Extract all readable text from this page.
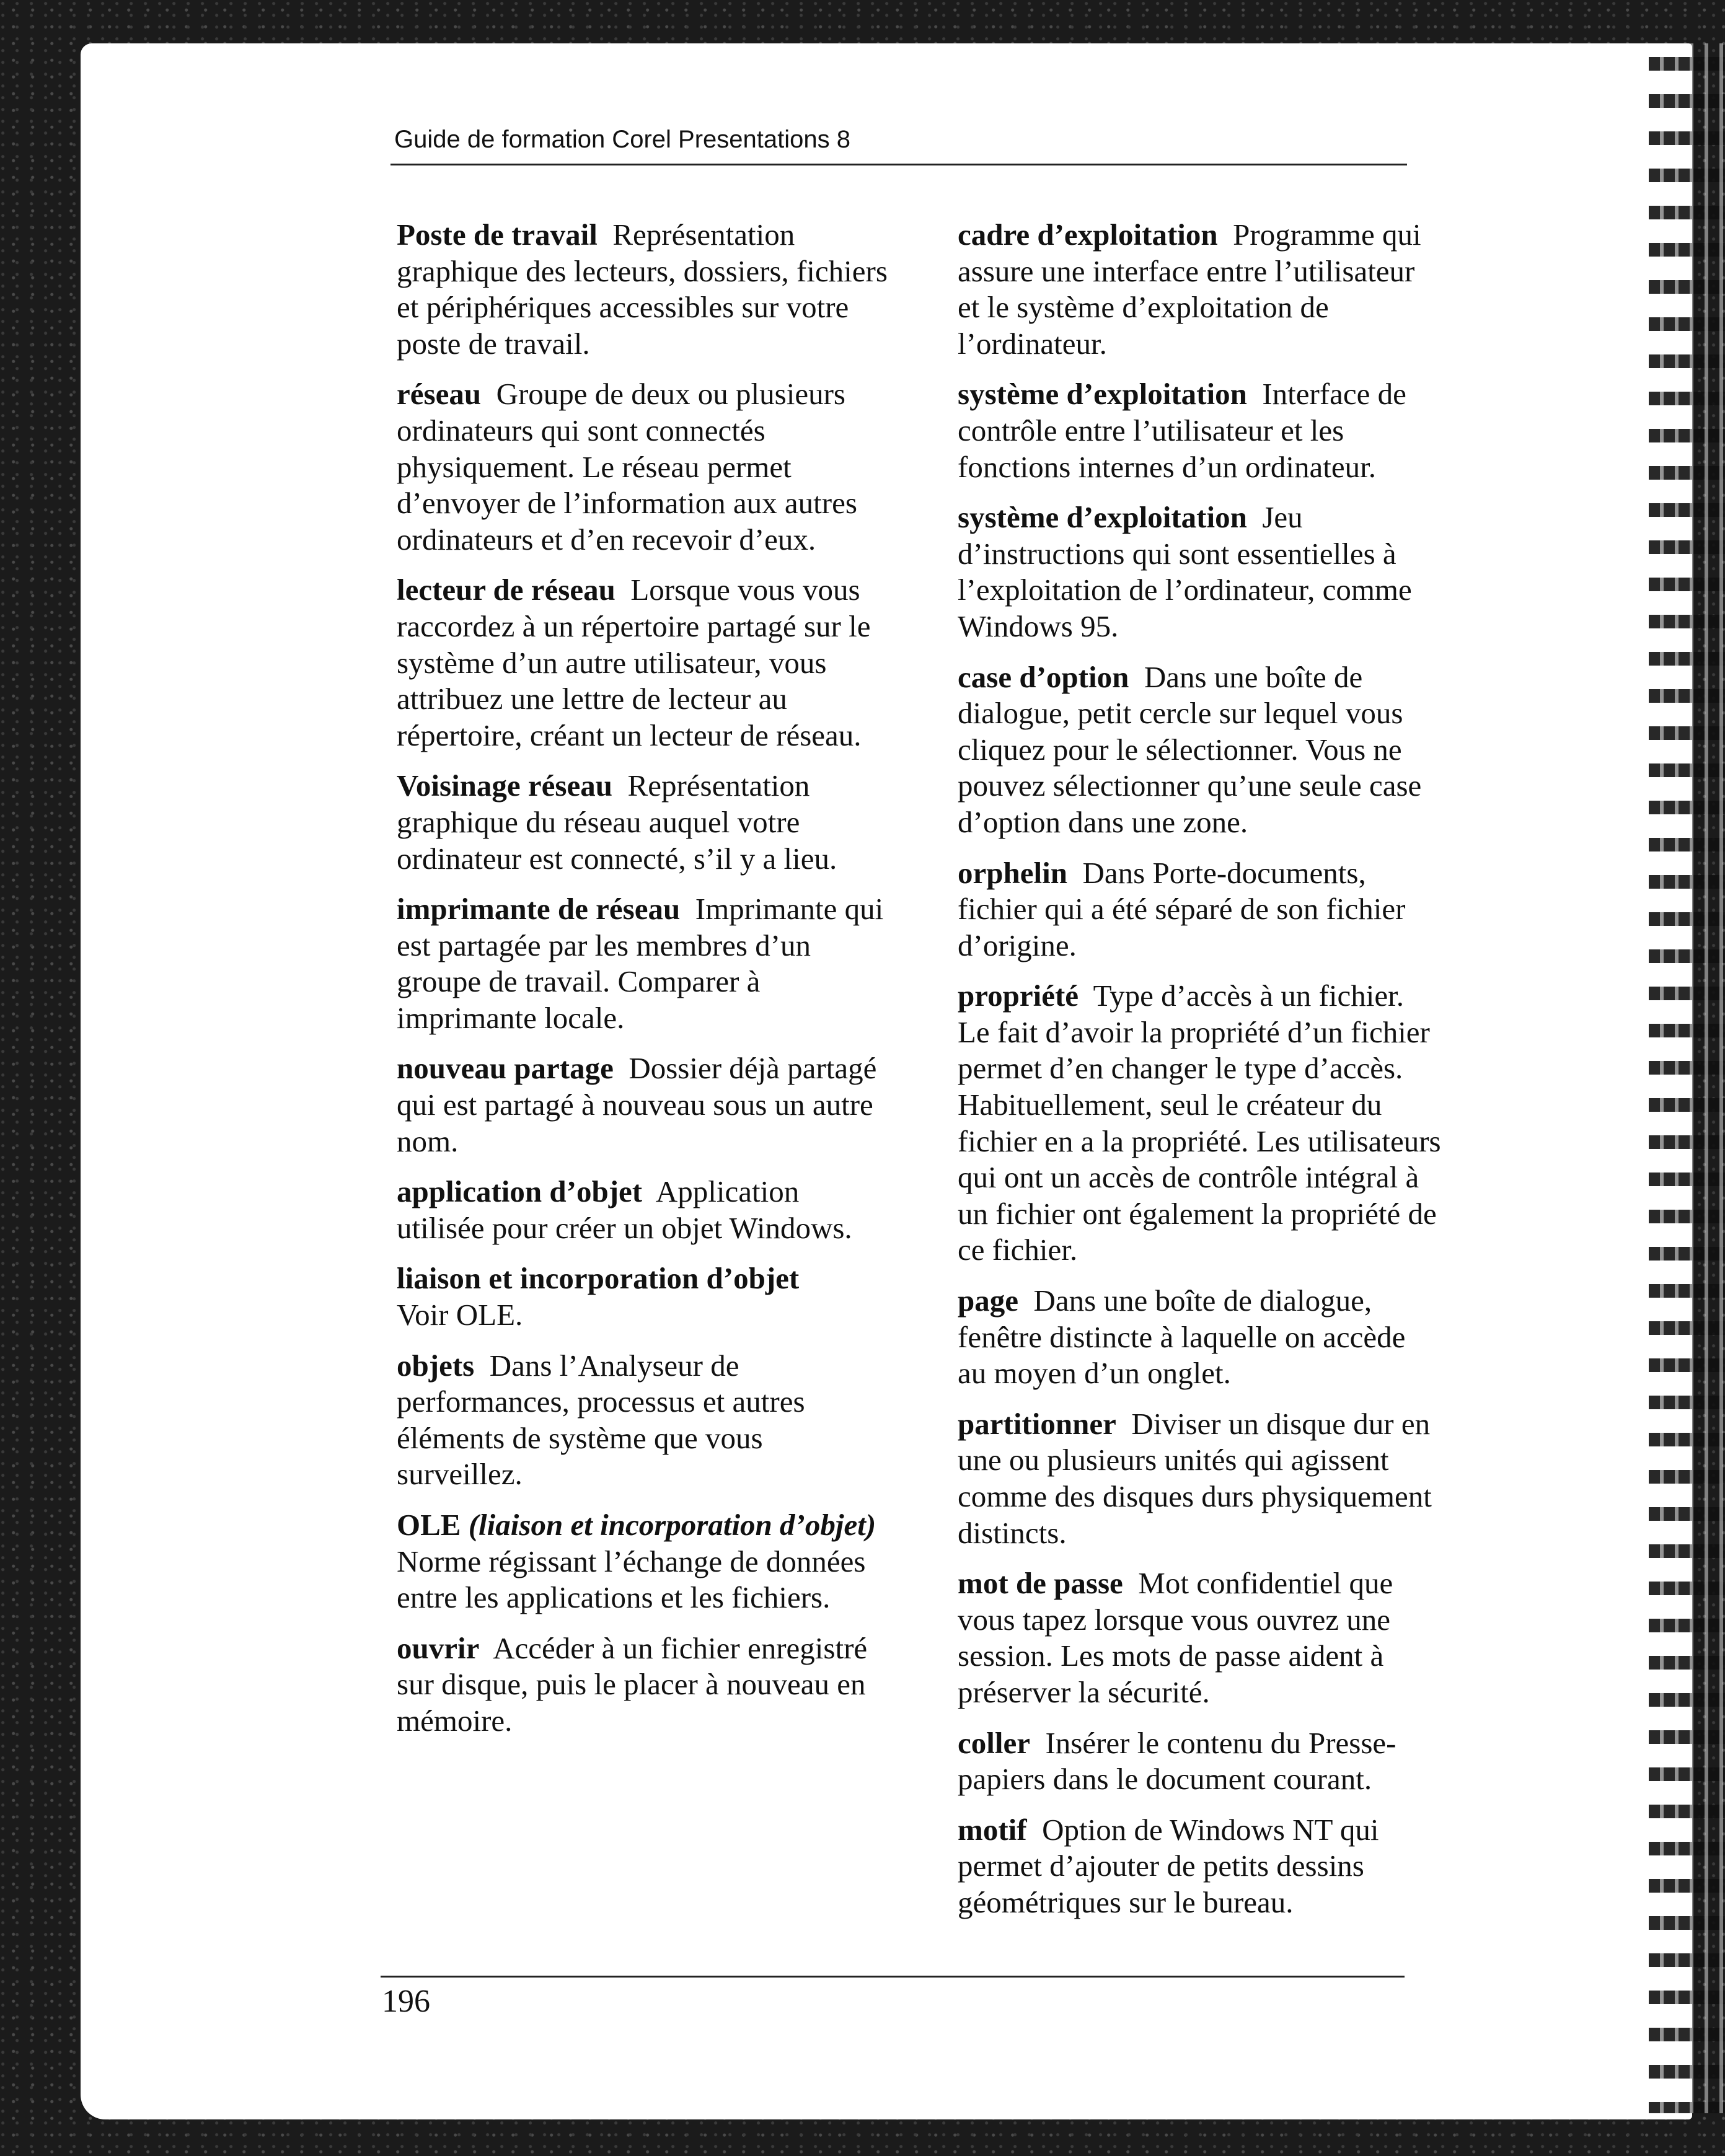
Guide de formation Corel Presentations 8

Poste de travail Représentation graphique des lecteurs, dossiers, fichiers et périphériques accessibles sur votre poste de travail.

réseau Groupe de deux ou plusieurs ordinateurs qui sont connectés physiquement. Le réseau permet d’envoyer de l’information aux autres ordinateurs et d’en recevoir d’eux.

lecteur de réseau Lorsque vous vous raccordez à un répertoire partagé sur le système d’un autre utilisateur, vous attribuez une lettre de lecteur au répertoire, créant un lecteur de réseau.

Voisinage réseau Représentation graphique du réseau auquel votre ordinateur est connecté, s’il y a lieu.

imprimante de réseau Imprimante qui est partagée par les membres d’un groupe de travail. Comparer à imprimante locale.

nouveau partage Dossier déjà partagé qui est partagé à nouveau sous un autre nom.

application d’objet Application utilisée pour créer un objet Windows.

liaison et incorporation d’objet
Voir OLE.

objets Dans l’Analyseur de performances, processus et autres éléments de système que vous surveillez.

OLE (liaison et incorporation d’objet)  Norme régissant l’échange de données entre les applications et les fichiers.

ouvrir Accéder à un fichier enregistré sur disque, puis le placer à nouveau en mémoire.

cadre d’exploitation Programme qui assure une interface entre l’utilisateur et le système d’exploitation de l’ordinateur.

système d’exploitation Interface de contrôle entre l’utilisateur et les fonctions internes d’un ordinateur.

système d’exploitation Jeu d’instructions qui sont essentielles à l’exploitation de l’ordinateur, comme Windows 95.

case d’option Dans une boîte de dialogue, petit cercle sur lequel vous cliquez pour le sélectionner. Vous ne pouvez sélectionner qu’une seule case d’option dans une zone.

orphelin Dans Porte-documents, fichier qui a été séparé de son fichier d’origine.

propriété Type d’accès à un fichier. Le fait d’avoir la propriété d’un fichier permet d’en changer le type d’accès. Habituellement, seul le créateur du fichier en a la propriété. Les utilisateurs qui ont un accès de contrôle intégral à un fichier ont également la propriété de ce fichier.

page Dans une boîte de dialogue, fenêtre distincte à laquelle on accède au moyen d’un onglet.

partitionner Diviser un disque dur en une ou plusieurs unités qui agissent comme des disques durs physiquement distincts.

mot de passe Mot confidentiel que vous tapez lorsque vous ouvrez une session. Les mots de passe aident à préserver la sécurité.

coller Insérer le contenu du Presse-papiers dans le document courant.

motif Option de Windows NT qui permet d’ajouter de petits dessins géométriques sur le bureau.

196
